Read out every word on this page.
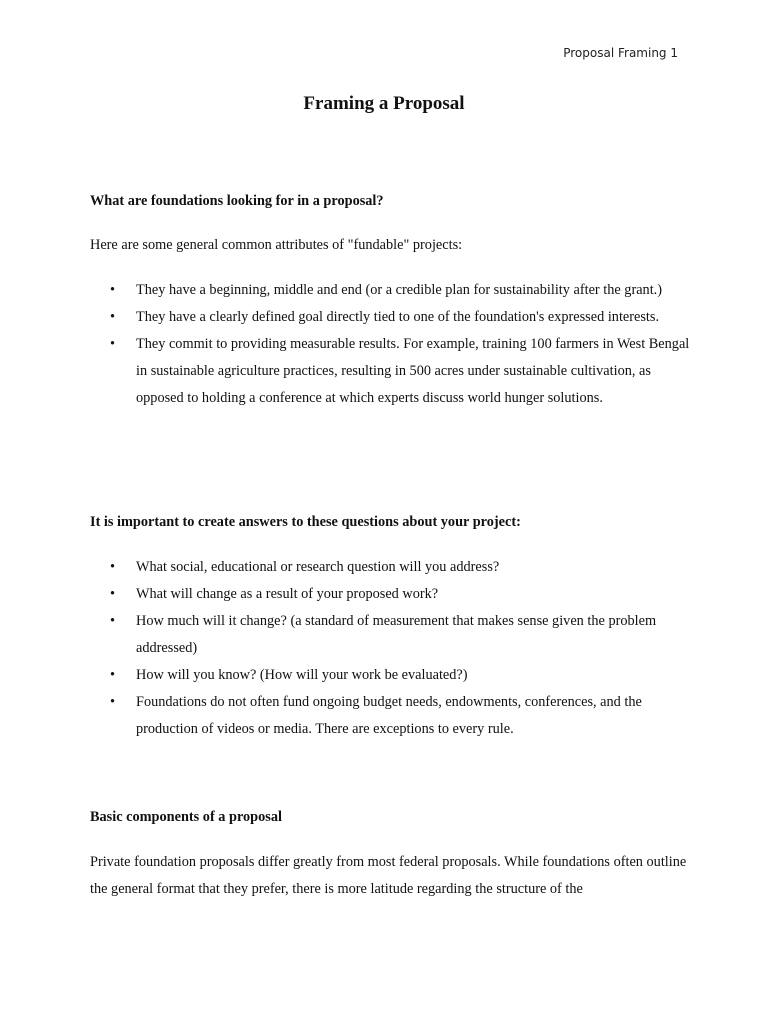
Proposal Framing 1
Framing a Proposal

What are foundations looking for in a proposal?

Here are some general common attributes of "fundable" projects:

• They have a beginning, middle and end (or a credible plan for sustainability after the grant.)
• They have a clearly defined goal directly tied to one of the foundation's expressed interests.
• They commit to providing measurable results. For example, training 100 farmers in West Bengal in sustainable agriculture practices, resulting in 500 acres under sustainable cultivation, as opposed to holding a conference at which experts discuss world hunger solutions.

It is important to create answers to these questions about your project:

• What social, educational or research question will you address?
• What will change as a result of your proposed work?
• How much will it change? (a standard of measurement that makes sense given the problem addressed)
• How will you know? (How will your work be evaluated?)
• Foundations do not often fund ongoing budget needs, endowments, conferences, and the production of videos or media. There are exceptions to every rule.

Basic components of a proposal

Private foundation proposals differ greatly from most federal proposals. While foundations often outline the general format that they prefer, there is more latitude regarding the structure of the
